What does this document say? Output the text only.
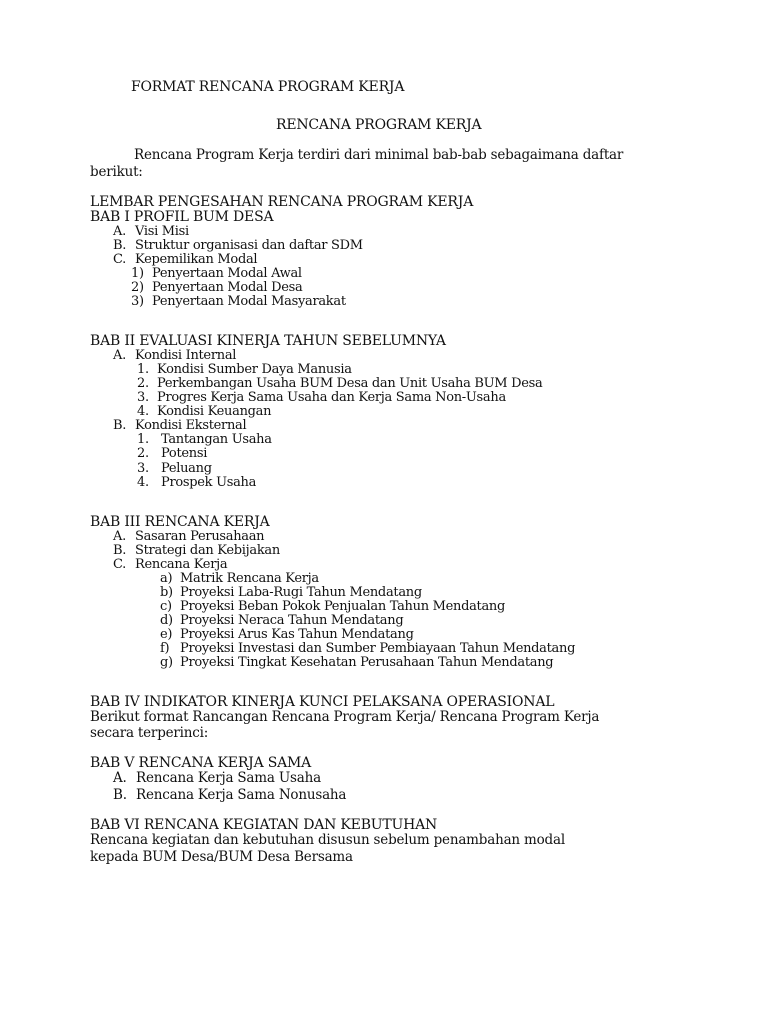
FORMAT RENCANA PROGRAM KERJA
RENCANA PROGRAM KERJA
Rencana Program Kerja terdiri dari minimal bab-bab sebagaimana daftar
berikut:
LEMBAR PENGESAHAN RENCANA PROGRAM KERJA
BAB I PROFIL BUM DESA
A. Visi Misi
B. Struktur organisasi dan daftar SDM
C. Kepemilikan Modal
1) Penyertaan Modal Awal
2) Penyertaan Modal Desa
3) Penyertaan Modal Masyarakat
BAB II EVALUASI KINERJA TAHUN SEBELUMNYA
A. Kondisi Internal
1. Kondisi Sumber Daya Manusia
2. Perkembangan Usaha BUM Desa dan Unit Usaha BUM Desa
3. Progres Kerja Sama Usaha dan Kerja Sama Non-Usaha
4. Kondisi Keuangan
B. Kondisi Eksternal
1. Tantangan Usaha
2. Potensi
3. Peluang
4. Prospek Usaha
BAB III RENCANA KERJA
A. Sasaran Perusahaan
B. Strategi dan Kebijakan
C. Rencana Kerja
a) Matrik Rencana Kerja
b) Proyeksi Laba-Rugi Tahun Mendatang
c) Proyeksi Beban Pokok Penjualan Tahun Mendatang
d) Proyeksi Neraca Tahun Mendatang
e) Proyeksi Arus Kas Tahun Mendatang
f) Proyeksi Investasi dan Sumber Pembiayaan Tahun Mendatang
g) Proyeksi Tingkat Kesehatan Perusahaan Tahun Mendatang
BAB IV INDIKATOR KINERJA KUNCI PELAKSANA OPERASIONAL
Berikut format Rancangan Rencana Program Kerja/ Rencana Program Kerja
secara terperinci:
BAB V RENCANA KERJA SAMA
A. Rencana Kerja Sama Usaha
B. Rencana Kerja Sama Nonusaha
BAB VI RENCANA KEGIATAN DAN KEBUTUHAN
Rencana kegiatan dan kebutuhan disusun sebelum penambahan modal
kepada BUM Desa/BUM Desa Bersama
